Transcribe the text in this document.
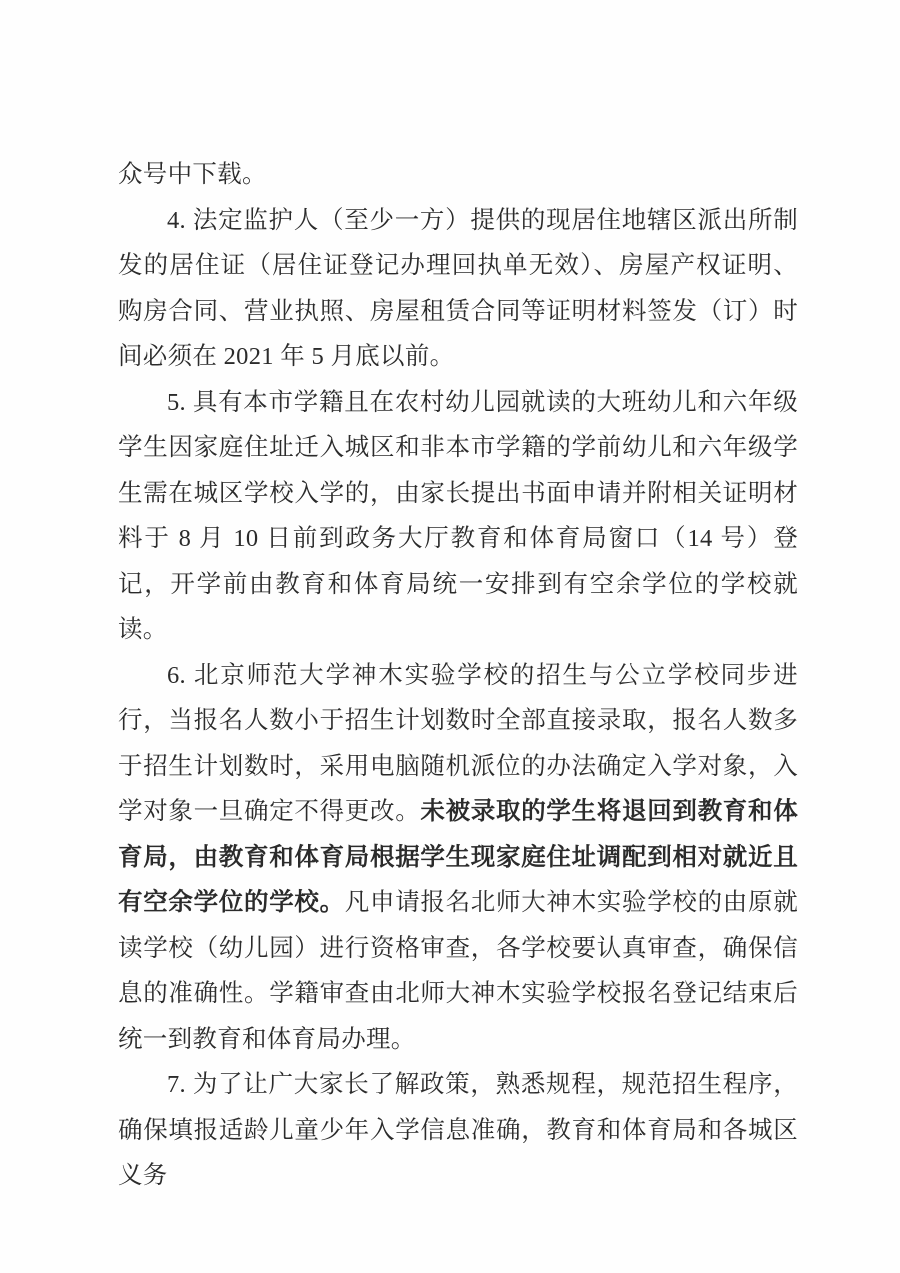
众号中下载。

4. 法定监护人（至少一方）提供的现居住地辖区派出所制发的居住证（居住证登记办理回执单无效）、房屋产权证明、购房合同、营业执照、房屋租赁合同等证明材料签发（订）时间必须在 2021 年 5 月底以前。

5. 具有本市学籍且在农村幼儿园就读的大班幼儿和六年级学生因家庭住址迁入城区和非本市学籍的学前幼儿和六年级学生需在城区学校入学的，由家长提出书面申请并附相关证明材料于 8 月 10 日前到政务大厅教育和体育局窗口（14 号）登记，开学前由教育和体育局统一安排到有空余学位的学校就读。

6. 北京师范大学神木实验学校的招生与公立学校同步进行，当报名人数小于招生计划数时全部直接录取，报名人数多于招生计划数时，采用电脑随机派位的办法确定入学对象，入学对象一旦确定不得更改。未被录取的学生将退回到教育和体育局，由教育和体育局根据学生现家庭住址调配到相对就近且有空余学位的学校。凡申请报名北师大神木实验学校的由原就读学校（幼儿园）进行资格审查，各学校要认真审查，确保信息的准确性。学籍审查由北师大神木实验学校报名登记结束后统一到教育和体育局办理。

7. 为了让广大家长了解政策，熟悉规程，规范招生程序，确保填报适龄儿童少年入学信息准确，教育和体育局和各城区义务
